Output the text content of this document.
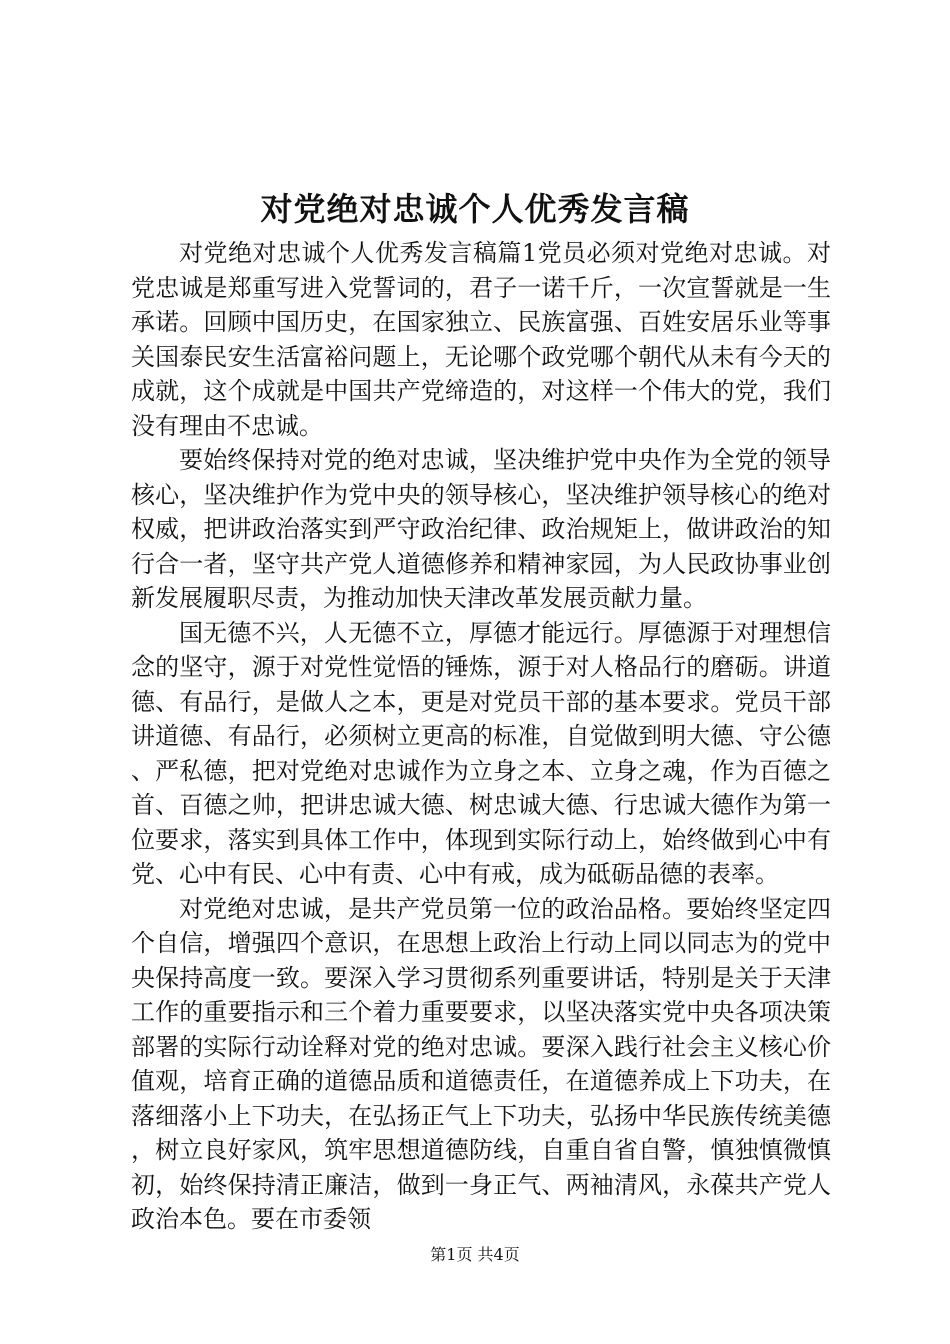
对党绝对忠诚个人优秀发言稿

对党绝对忠诚个人优秀发言稿篇1党员必须对党绝对忠诚。对党忠诚是郑重写进入党誓词的，君子一诺千斤，一次宣誓就是一生承诺。回顾中国历史，在国家独立、民族富强、百姓安居乐业等事关国泰民安生活富裕问题上，无论哪个政党哪个朝代从未有今天的成就，这个成就是中国共产党缔造的，对这样一个伟大的党，我们没有理由不忠诚。

要始终保持对党的绝对忠诚，坚决维护党中央作为全党的领导核心，坚决维护作为党中央的领导核心，坚决维护领导核心的绝对权威，把讲政治落实到严守政治纪律、政治规矩上，做讲政治的知行合一者，坚守共产党人道德修养和精神家园，为人民政协事业创新发展履职尽责，为推动加快天津改革发展贡献力量。

国无德不兴，人无德不立，厚德才能远行。厚德源于对理想信念的坚守，源于对党性觉悟的锤炼，源于对人格品行的磨砺。讲道德、有品行，是做人之本，更是对党员干部的基本要求。党员干部讲道德、有品行，必须树立更高的标准，自觉做到明大德、守公德、严私德，把对党绝对忠诚作为立身之本、立身之魂，作为百德之首、百德之帅，把讲忠诚大德、树忠诚大德、行忠诚大德作为第一位要求，落实到具体工作中，体现到实际行动上，始终做到心中有党、心中有民、心中有责、心中有戒，成为砥砺品德的表率。

对党绝对忠诚，是共产党员第一位的政治品格。要始终坚定四个自信，增强四个意识，在思想上政治上行动上同以同志为的党中央保持高度一致。要深入学习贯彻系列重要讲话，特别是关于天津工作的重要指示和三个着力重要要求，以坚决落实党中央各项决策部署的实际行动诠释对党的绝对忠诚。要深入践行社会主义核心价值观，培育正确的道德品质和道德责任，在道德养成上下功夫，在落细落小上下功夫，在弘扬正气上下功夫，弘扬中华民族传统美德，树立良好家风，筑牢思想道德防线，自重自省自警，慎独慎微慎初，始终保持清正廉洁，做到一身正气、两袖清风，永葆共产党人政治本色。要在市委领

第1页 共4页
